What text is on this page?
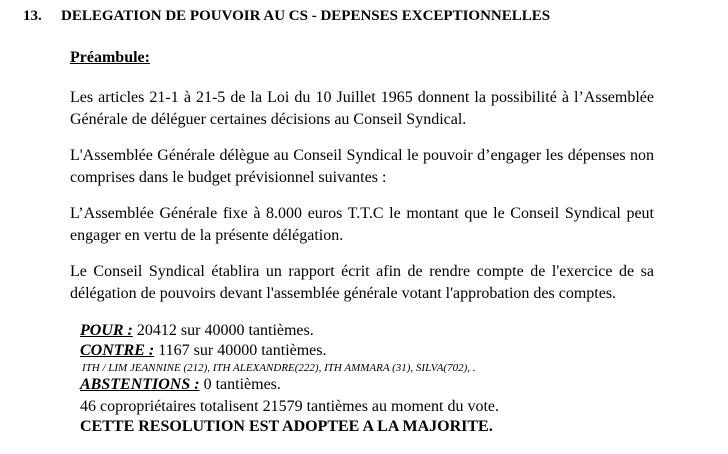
13. DELEGATION DE POUVOIR AU CS - DEPENSES EXCEPTIONNELLES
Préambule:

Les articles 21-1 à 21-5 de la Loi du 10 Juillet 1965 donnent la possibilité à l’Assemblée Générale de déléguer certaines décisions au Conseil Syndical.

L'Assemblée Générale délègue au Conseil Syndical le pouvoir d’engager les dépenses non comprises dans le budget prévisionnel suivantes :

L’Assemblée Générale fixe à 8.000 euros T.T.C le montant que le Conseil Syndical peut engager en vertu de la présente délégation.

Le Conseil Syndical établira un rapport écrit afin de rendre compte de l'exercice de sa délégation de pouvoirs devant l'assemblée générale votant l'approbation des comptes.

POUR : 20412 sur 40000 tantièmes.
CONTRE : 1167 sur 40000 tantièmes.
ITH / LIM JEANNINE (212), ITH ALEXANDRE(222), ITH AMMARA (31), SILVA(702), .
ABSTENTIONS : 0 tantièmes.
46 copropriétaires totalisent 21579 tantièmes au moment du vote.
CETTE RESOLUTION EST ADOPTEE A LA MAJORITE.
